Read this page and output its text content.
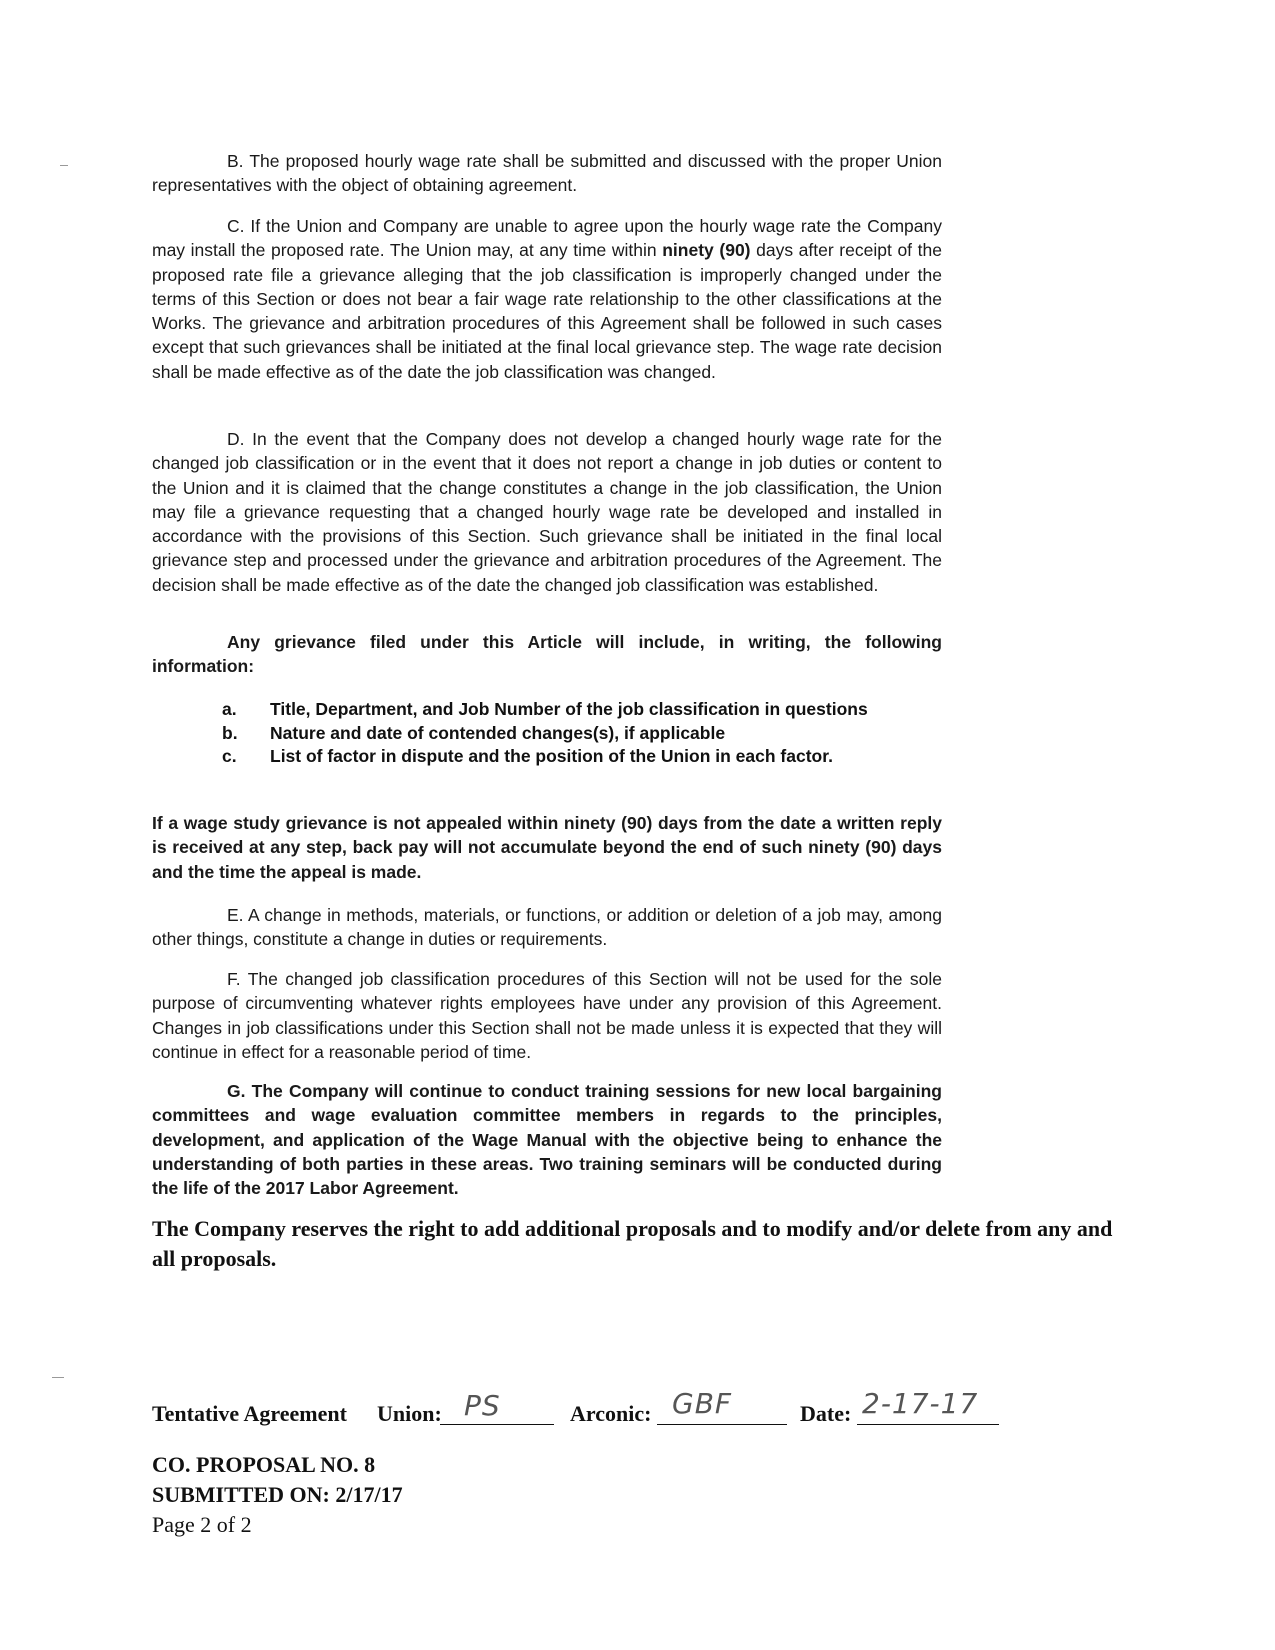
B. The proposed hourly wage rate shall be submitted and discussed with the proper Union representatives with the object of obtaining agreement.

C. If the Union and Company are unable to agree upon the hourly wage rate the Company may install the proposed rate. The Union may, at any time within ninety (90) days after receipt of the proposed rate file a grievance alleging that the job classification is improperly changed under the terms of this Section or does not bear a fair wage rate relationship to the other classifications at the Works. The grievance and arbitration procedures of this Agreement shall be followed in such cases except that such grievances shall be initiated at the final local grievance step. The wage rate decision shall be made effective as of the date the job classification was changed.

D. In the event that the Company does not develop a changed hourly wage rate for the changed job classification or in the event that it does not report a change in job duties or content to the Union and it is claimed that the change constitutes a change in the job classification, the Union may file a grievance requesting that a changed hourly wage rate be developed and installed in accordance with the provisions of this Section. Such grievance shall be initiated in the final local grievance step and processed under the grievance and arbitration procedures of the Agreement. The decision shall be made effective as of the date the changed job classification was established.

Any grievance filed under this Article will include, in writing, the following information:

a.	Title, Department, and Job Number of the job classification in questions
b.	Nature and date of contended changes(s), if applicable
c.	List of factor in dispute and the position of the Union in each factor.

If a wage study grievance is not appealed within ninety (90) days from the date a written reply is received at any step, back pay will not accumulate beyond the end of such ninety (90) days and the time the appeal is made.

E. A change in methods, materials, or functions, or addition or deletion of a job may, among other things, constitute a change in duties or requirements.

F. The changed job classification procedures of this Section will not be used for the sole purpose of circumventing whatever rights employees have under any provision of this Agreement. Changes in job classifications under this Section shall not be made unless it is expected that they will continue in effect for a reasonable period of time.

G. The Company will continue to conduct training sessions for new local bargaining committees and wage evaluation committee members in regards to the principles, development, and application of the Wage Manual with the objective being to enhance the understanding of both parties in these areas. Two training seminars will be conducted during the life of the 2017 Labor Agreement.

The Company reserves the right to add additional proposals and to modify and/or delete from any and all proposals.

Tentative Agreement Union: PS	Arconic: GBF	Date: 2-17-17
CO. PROPOSAL NO. 8
SUBMITTED ON: 2/17/17
Page 2 of 2
